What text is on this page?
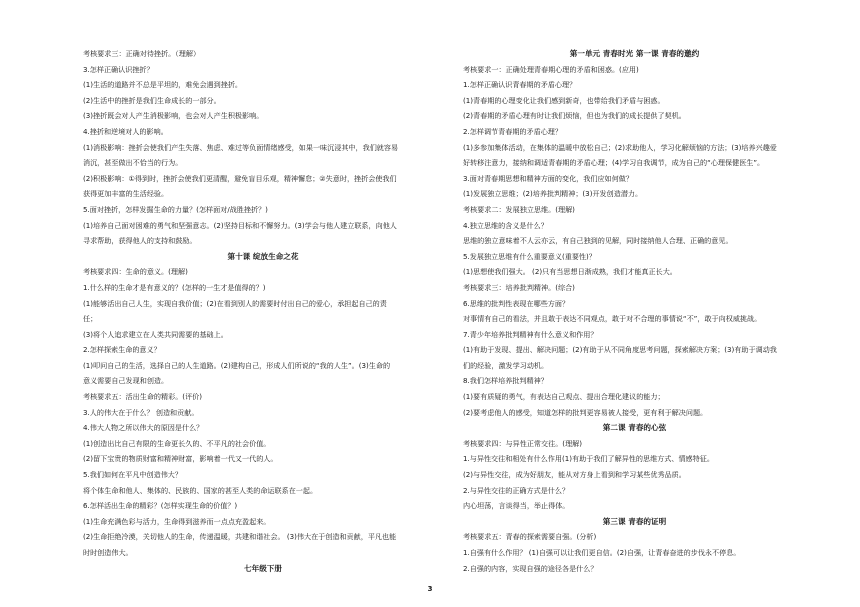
考核要求三：正确对待挫折。（理解）
3.怎样正确认识挫折？
(1)生活的道路并不总是平坦的，难免会遇到挫折。
(2)生活中的挫折是我们生命成长的一部分。
(3)挫折既会对人产生消极影响，也会对人产生积极影响。
4.挫折和逆境对人的影响。
(1)消极影响：挫折会使我们产生失落、焦虑、难过等负面情绪感受，如果一味沉浸其中，我们就容易
消沉，甚至做出不恰当的行为。
(2)积极影响：①得到时，挫折会使我们更清醒，避免盲目乐观，精神懈怠；②失意时，挫折会使我们
获得更加丰富的生活经验。
5.面对挫折，怎样发掘生命的力量？(怎样面对/战胜挫折？)
(1)培养自己面对困难的勇气和坚强意志。(2)坚持目标和不懈努力。(3)学会与他人建立联系，向他人
寻求帮助，获得他人的支持和鼓励。
第十课 绽放生命之花
考核要求四：生命的意义。(理解)
1.什么样的生命才是有意义的？(怎样的一生才是值得的？)
(1)能够活出自己人生，实现自我价值；(2)在看到别人的需要时付出自己的爱心，承担起自己的责
任；
(3)将个人追求建立在人类共同需要的基础上。
2.怎样探索生命的意义？
(1)叩问自己的生活，选择自己的人生道路。(2)建构自己，形成人们所说的“我的人生”。(3)生命的
意义需要自己发现和创造。
考核要求五：活出生命的精彩。(评价)
3.人的伟大在于什么？ 创造和贡献。
4.伟大人物之所以伟大的原因是什么？
(1)创造出比自己有限的生命更长久的、不平凡的社会价值。
(2)留下宝贵的物质财富和精神财富，影响着一代又一代的人。
5.我们如何在平凡中创造伟大？
将个体生命和他人、集体的、民族的、国家的甚至人类的命运联系在一起。
6.怎样活出生命的精彩？(怎样实现生命的价值？)
(1)生命充满色彩与活力，生命得到滋养而一点点充盈起来。
(2)生命拒绝冷漠，关切他人的生命，传递温暖，共建和谐社会。 (3)伟大在于创造和贡献，平凡也能
时时创造伟大。
七年级下册
第一单元 青春时光 第一课 青春的邀约
考核要求一：正确处理青春期心理的矛盾和困惑。(应用)
1.怎样正确认识青春期的矛盾心理？
(1)青春期的心理变化让我们感到新奇，也带给我们矛盾与困惑。
(2)青春期的矛盾心理有时让我们烦恼，但也为我们的成长提供了契机。
2.怎样调节青春期的矛盾心理？
(1)多参加集体活动，在集体的温暖中放松自己；(2)求助他人，学习化解烦恼的方法；(3)培养兴趣爱
好转移注意力，接纳和调适青春期的矛盾心理；(4)学习自我调节，成为自己的“心理保健医生”。
3.面对青春期思想和精神方面的变化，我们应如何做？
(1)发展独立思维；(2)培养批判精神；(3)开发创造潜力。
考核要求二：发展独立思维。(理解)
4.独立思维的含义是什么？
思维的独立意味着不人云亦云，有自己独到的见解，同时接纳他人合理、正确的意见。
5.发展独立思维有什么重要意义(重要性)？
(1)思想使我们强大。 (2)只有当思想日渐成熟，我们才能真正长大。
考核要求三：培养批判精神。(综合)
6.思维的批判性表现在哪些方面？
对事情有自己的看法，并且敢于表达不同观点，敢于对不合理的事情说“不”，敢于向权威挑战。
7.青少年培养批判精神有什么意义和作用？
(1)有助于发现、提出、解决问题；(2)有助于从不同角度思考问题，探索解决方案；(3)有助于调动我
们的经验，激发学习动机。
8.我们怎样培养批判精神？
(1)要有质疑的勇气，有表达自己观点、提出合理化建议的能力；
(2)要考虑他人的感受，知道怎样的批判更容易被人接受，更有利于解决问题。
第二课 青春的心弦
考核要求四：与异性正常交往。(理解)
1.与异性交往和相处有什么作用(1)有助于我们了解异性的思维方式、情感特征。
(2)与异性交往，成为好朋友，能从对方身上看到和学习某些优秀品质。
2.与异性交往的正确方式是什么？
内心坦荡，言谈得当，举止得体。
第三课 青春的证明
考核要求五：青春的探索需要自强。(分析)
1.自强有什么作用？ (1)自强可以让我们更自信。(2)自强，让青春奋进的步伐永不停息。
2.自强的内容，实现自强的途径各是什么？
3
